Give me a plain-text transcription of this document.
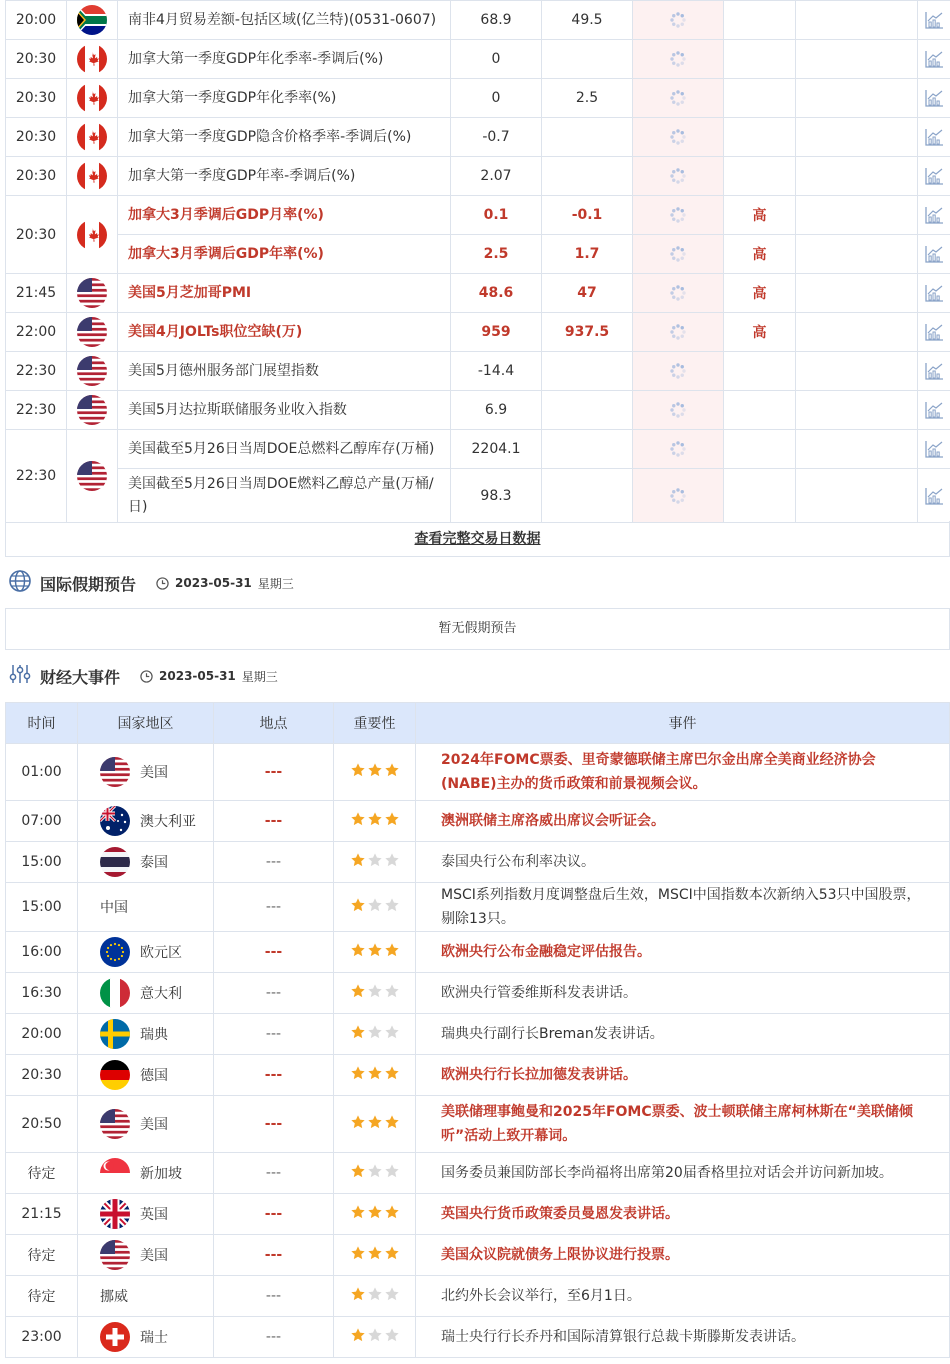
20:00		南非4月贸易差额-包括区域(亿兰特)(0531-0607)	68.9	49.5				
20:30		加拿大第一季度GDP年化季率-季调后(%)	0					
20:30		加拿大第一季度GDP年化季率(%)	0	2.5				
20:30		加拿大第一季度GDP隐含价格季率-季调后(%)	-0.7					
20:30		加拿大第一季度GDP年率-季调后(%)	2.07					
20:30		加拿大3月季调后GDP月率(%)	0.1	-0.1		高		
		加拿大3月季调后GDP年率(%)	2.5	1.7		高		
21:45		美国5月芝加哥PMI	48.6	47		高		
22:00		美国4月JOLTs职位空缺(万)	959	937.5		高		
22:30		美国5月德州服务部门展望指数	-14.4					
22:30		美国5月达拉斯联储服务业收入指数	6.9					
22:30		美国截至5月26日当周DOE总燃料乙醇库存(万桶)	2204.1					
		美国截至5月26日当周DOE燃料乙醇总产量(万桶/日)	98.3					
查看完整交易日数据
国际假期预告	2023-05-31 星期三
暂无假期预告
财经大事件	2023-05-31 星期三
时间	国家地区	地点	重要性	事件
01:00	美国	---		2024年FOMC票委、里奇蒙德联储主席巴尔金出席全美商业经济协会(NABE)主办的货币政策和前景视频会议。
07:00	澳大利亚	---		澳洲联储主席洛威出席议会听证会。
15:00	泰国	---		泰国央行公布利率决议。
15:00	中国	---		MSCI系列指数月度调整盘后生效，MSCI中国指数本次新纳入53只中国股票，剔除13只。
16:00	欧元区	---		欧洲央行公布金融稳定评估报告。
16:30	意大利	---		欧洲央行管委维斯科发表讲话。
20:00	瑞典	---		瑞典央行副行长Breman发表讲话。
20:30	德国	---		欧洲央行行长拉加德发表讲话。
20:50	美国	---		美联储理事鲍曼和2025年FOMC票委、波士顿联储主席柯林斯在“美联储倾听”活动上致开幕词。
待定	新加坡	---		国务委员兼国防部长李尚福将出席第20届香格里拉对话会并访问新加坡。
21:15	英国	---		英国央行货币政策委员曼恩发表讲话。
待定	美国	---		美国众议院就债务上限协议进行投票。
待定	挪威	---		北约外长会议举行，至6月1日。
23:00	瑞士	---		瑞士央行行长乔丹和国际清算银行总裁卡斯滕斯发表讲话。
